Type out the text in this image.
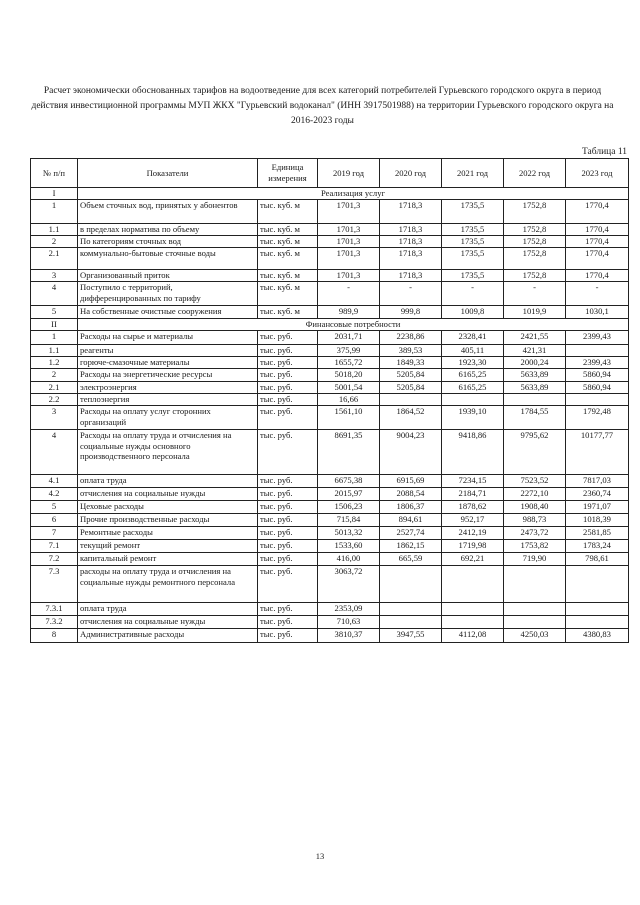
Расчет экономически обоснованных тарифов на водоотведение для всех категорий потребителей Гурьевского городского округа в период действия инвестиционной программы МУП ЖКХ "Гурьевский водоканал" (ИНН 3917501988) на территории Гурьевского городского округа на 2016-2023 годы
Таблица 11
№ п/п	Показатели	Единица измерения	2019 год	2020 год	2021 год	2022 год	2023 год
I	Реализация услуг						
1	Объем сточных вод, принятых у абонентов	тыс. куб. м	1701,3	1718,3	1735,5	1752,8	1770,4
1.1	в пределах норматива по объему	тыс. куб. м	1701,3	1718,3	1735,5	1752,8	1770,4
2	По категориям сточных вод	тыс. куб. м	1701,3	1718,3	1735,5	1752,8	1770,4
2.1	коммунально-бытовые сточные воды	тыс. куб. м	1701,3	1718,3	1735,5	1752,8	1770,4
3	Организованный приток	тыс. куб. м	1701,3	1718,3	1735,5	1752,8	1770,4
4	Поступило с территорий, дифференцированных по тарифу	тыс. куб. м	-	-	-	-	-
5	На собственные очистные сооружения	тыс. куб. м	989,9	999,8	1009,8	1019,9	1030,1
II	Финансовые потребности						
1	Расходы на сырье и материалы	тыс. руб.	2031,71	2238,86	2328,41	2421,55	2399,43
1.1	реагенты	тыс. руб.	375,99	389,53	405,11	421,31	
1.2	горюче-смазочные материалы	тыс. руб.	1655,72	1849,33	1923,30	2000,24	2399,43
2	Расходы на энергетические ресурсы	тыс. руб.	5018,20	5205,84	6165,25	5633,89	5860,94
2.1	электроэнергия	тыс. руб.	5001,54	5205,84	6165,25	5633,89	5860,94
2.2	теплоэнергия	тыс. руб.	16,66				
3	Расходы на оплату услуг сторонних организаций	тыс. руб.	1561,10	1864,52	1939,10	1784,55	1792,48
4	Расходы на оплату труда и отчисления на социальные нужды основного производственного персонала	тыс. руб.	8691,35	9004,23	9418,86	9795,62	10177,77
4.1	оплата труда	тыс. руб.	6675,38	6915,69	7234,15	7523,52	7817,03
4.2	отчисления на социальные нужды	тыс. руб.	2015,97	2088,54	2184,71	2272,10	2360,74
5	Цеховые расходы	тыс. руб.	1506,23	1806,37	1878,62	1908,40	1971,07
6	Прочие производственные расходы	тыс. руб.	715,84	894,61	952,17	988,73	1018,39
7	Ремонтные расходы	тыс. руб.	5013,32	2527,74	2412,19	2473,72	2581,85
7.1	текущий ремонт	тыс. руб.	1533,60	1862,15	1719,98	1753,82	1783,24
7.2	капитальный ремонт	тыс. руб.	416,00	665,59	692,21	719,90	798,61
7.3	расходы на оплату труда и отчисления на социальные нужды ремонтного персонала	тыс. руб.	3063,72				
7.3.1	оплата труда	тыс. руб.	2353,09				
7.3.2	отчисления на социальные нужды	тыс. руб.	710,63				
8	Административные расходы	тыс. руб.	3810,37	3947,55	4112,08	4250,03	4380,83
13
